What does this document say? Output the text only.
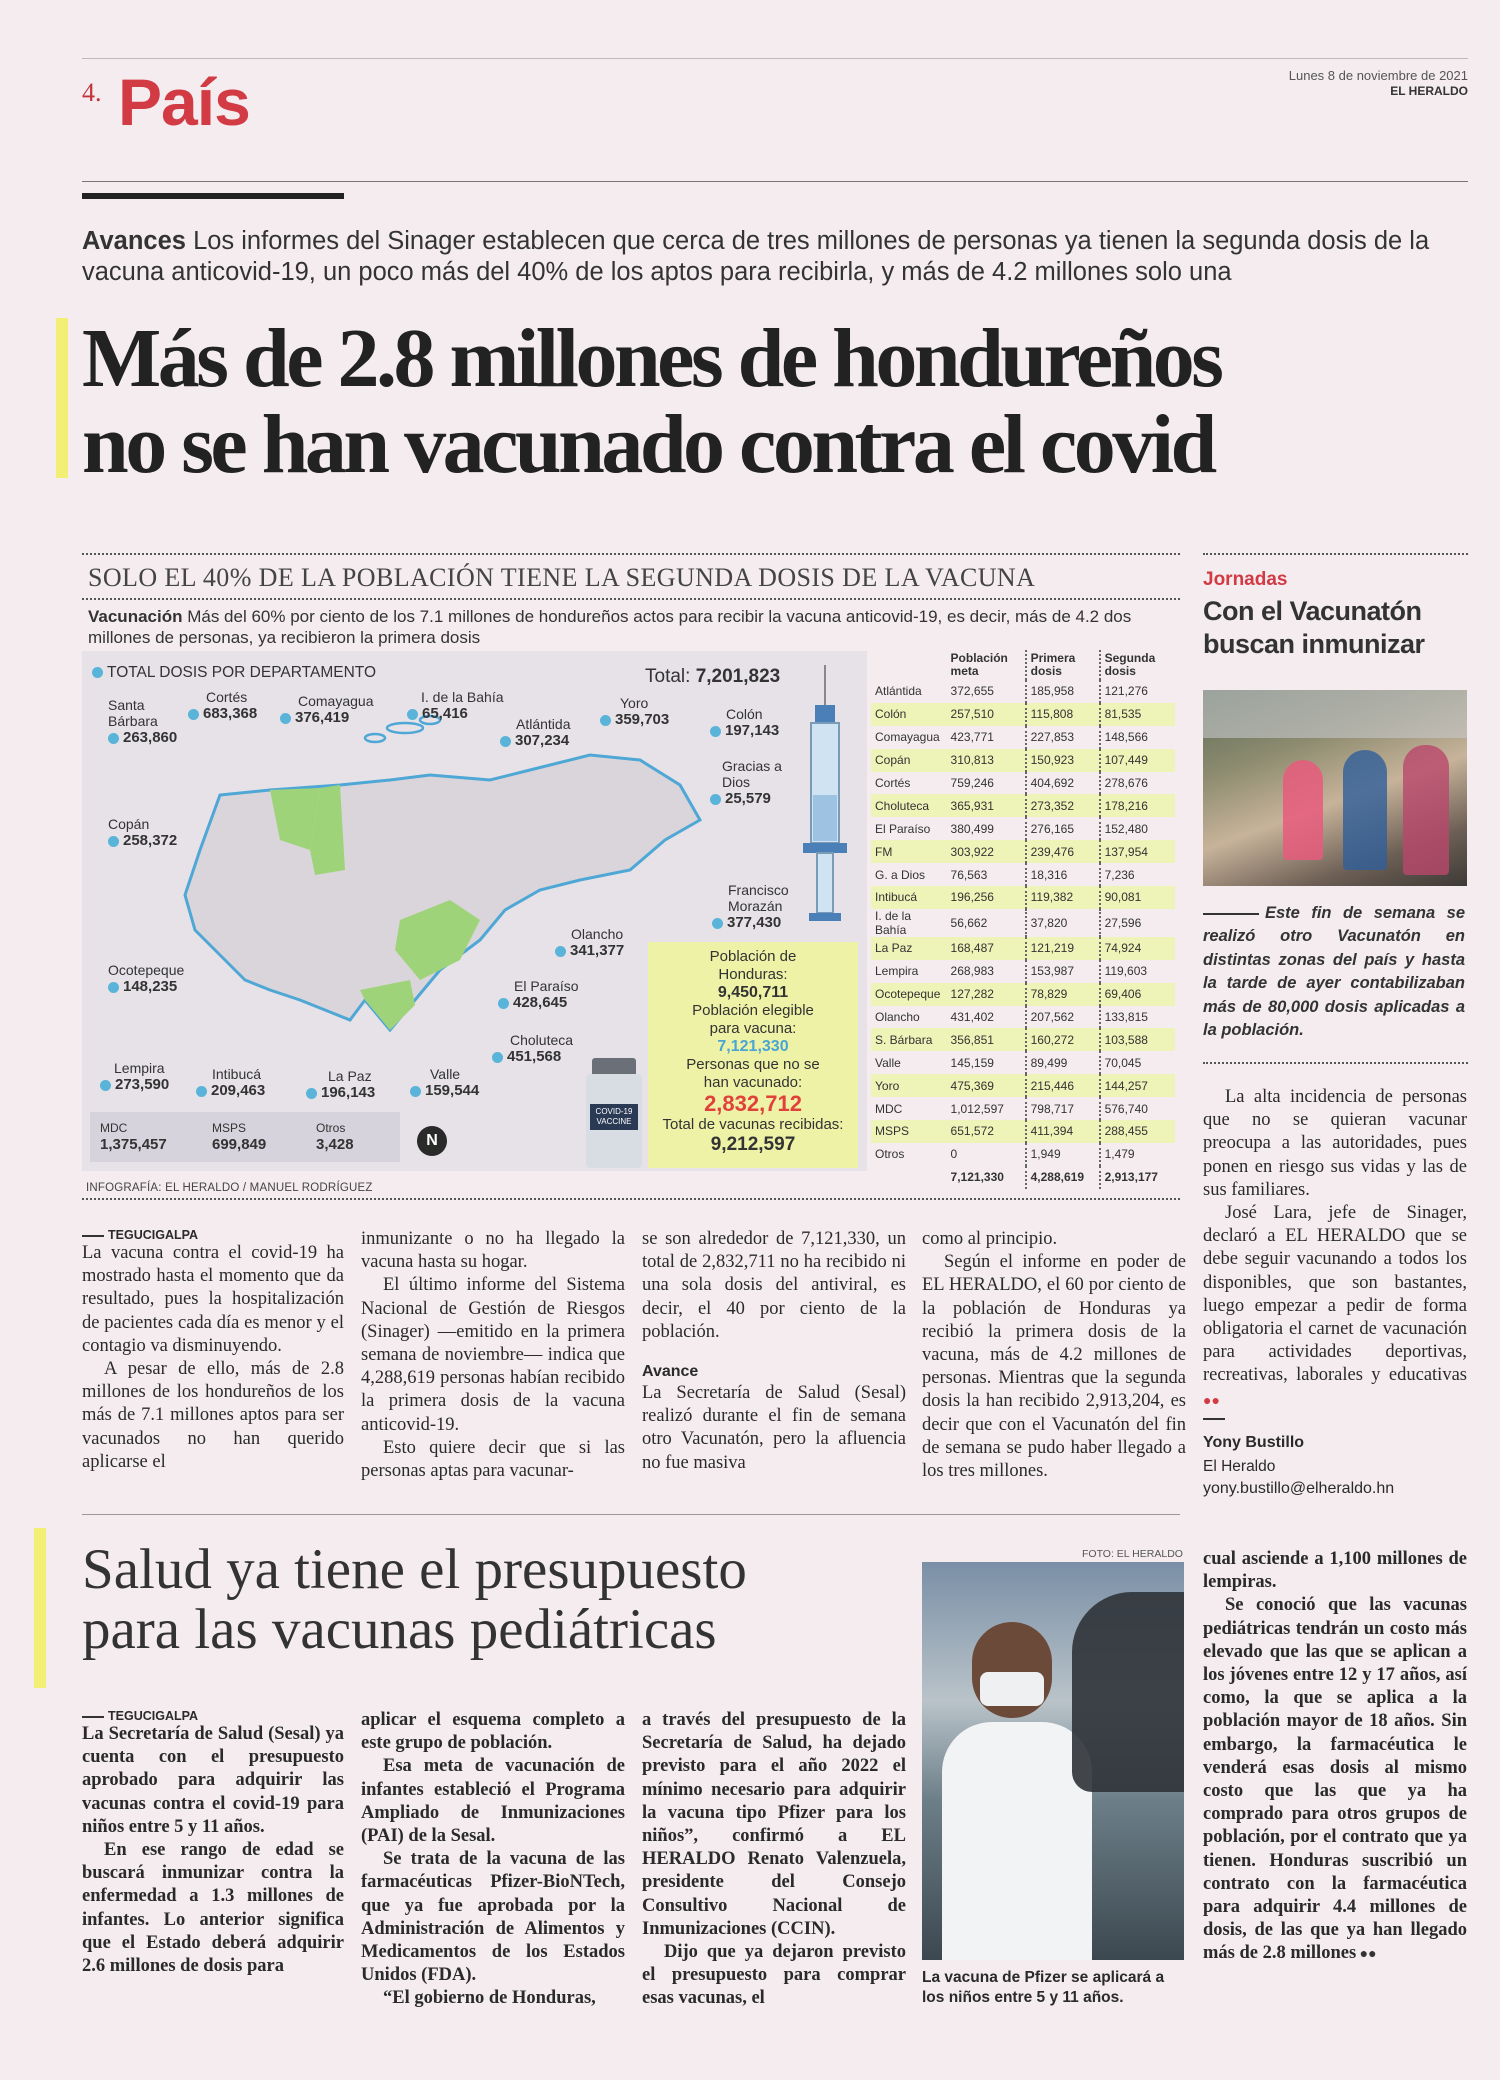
4. País	Lunes 8 de noviembre de 2021
EL HERALDO
Avances Los informes del Sinager establecen que cerca de tres millones de personas ya tienen la segunda dosis de la vacuna anticovid-19, un poco más del 40% de los aptos para recibirla, y más de 4.2 millones solo una
Más de 2.8 millones de hondureños
no se han vacunado contra el covid
SOLO EL 40% DE LA POBLACIÓN TIENE LA SEGUNDA DOSIS DE LA VACUNA
Vacunación Más del 60% por ciento de los 7.1 millones de hondureños actos para recibir la vacuna anticovid-19, es decir, más de 4.2 dos millones de personas, ya recibieron la primera dosis
TOTAL DOSIS POR DEPARTAMENTO	Total: 7,201,823
Santa Bárbara
263,860
Cortés
683,368
Comayagua
376,419
I. de la Bahía
65,416
Atlántida
307,234
Yoro
359,703	Colón
197,143
Gracias a Dios
25,579
Copán
258,372
Francisco Morazán
377,430
Olancho
341,377
Ocotepeque
148,235	El Paraíso
428,645
Choluteca
451,568
Lempira
273,590
Intibucá
209,463
La Paz
196,143
Valle
159,544
MDC
1,375,457
MSPS
699,849
Otros
3,428	N
Población de Honduras:
9,450,711
Población elegible para vacuna:
7,121,330
Personas que no se han vacunado:
2,832,712
Total de vacunas recibidas:
9,212,597
COVID-19 VACCINE
	Población meta	Primera dosis	Segunda dosis
Atlántida	372,655	185,958	121,276
Colón	257,510	115,808	81,535
Comayagua	423,771	227,853	148,566
Copán	310,813	150,923	107,449
Cortés	759,246	404,692	278,676
Choluteca	365,931	273,352	178,216
El Paraíso	380,499	276,165	152,480
FM	303,922	239,476	137,954
G. a Dios	76,563	18,316	7,236
Intibucá	196,256	119,382	90,081
I. de la Bahía	56,662	37,820	27,596
La Paz	168,487	121,219	74,924
Lempira	268,983	153,987	119,603
Ocotepeque	127,282	78,829	69,406
Olancho	431,402	207,562	133,815
S. Bárbara	356,851	160,272	103,588
Valle	145,159	89,499	70,045
Yoro	475,369	215,446	144,257
MDC	1,012,597	798,717	576,740
MSPS	651,572	411,394	288,455
Otros	0	1,949	1,479
	7,121,330	4,288,619	2,913,177
INFOGRAFÍA: EL HERALDO / MANUEL RODRÍGUEZ
Jornadas
Con el Vacunatón buscan inmunizar
Este fin de semana se realizó otro Vacunatón en distintas zonas del país y hasta la tarde de ayer contabilizaban más de 80,000 dosis aplicadas a la población.

La alta incidencia de personas que no se quieran vacunar preocupa a las autoridades, pues ponen en riesgo sus vidas y las de sus familiares.

José Lara, jefe de Sinager, declaró a EL HERALDO que se debe seguir vacunando a todos los disponibles, que son bastantes, luego empezar a pedir de forma obligatoria el carnet de vacunación para actividades deportivas, recreativas, laborales y educativas ●●

Yony Bustillo
El Heraldo
yony.bustillo@elheraldo.hn
TEGUCIGALPA

La vacuna contra el covid-19 ha mostrado hasta el momento que da resultado, pues la hospitalización de pacientes cada día es menor y el contagio va disminuyendo.

A pesar de ello, más de 2.8 millones de los hondureños de los más de 7.1 millones aptos para ser vacunados no han querido aplicarse el

inmunizante o no ha llegado la vacuna hasta su hogar.

El último informe del Sistema Nacional de Gestión de Riesgos (Sinager) —emitido en la primera semana de noviembre— indica que 4,288,619 personas habían recibido la primera dosis de la vacuna anticovid-19.

Esto quiere decir que si las personas aptas para vacunar-

se son alrededor de 7,121,330, un total de 2,832,711 no ha recibido ni una sola dosis del antiviral, es decir, el 40 por ciento de la población.

Avance

La Secretaría de Salud (Sesal) realizó durante el fin de semana otro Vacunatón, pero la afluencia no fue masiva

como al principio.

Según el informe en poder de EL HERALDO, el 60 por ciento de la población de Honduras ya recibió la primera dosis de la vacuna, más de 4.2 millones de personas. Mientras que la segunda dosis la han recibido 2,913,204, es decir que con el Vacunatón del fin de semana se pudo haber llegado a los tres millones.

Salud ya tiene el presupuesto
para las vacunas pediátricas
TEGUCIGALPA

La Secretaría de Salud (Sesal) ya cuenta con el presupuesto aprobado para adquirir las vacunas contra el covid-19 para niños entre 5 y 11 años.

En ese rango de edad se buscará inmunizar contra la enfermedad a 1.3 millones de infantes. Lo anterior significa que el Estado deberá adquirir 2.6 millones de dosis para

aplicar el esquema completo a este grupo de población.

Esa meta de vacunación de infantes estableció el Programa Ampliado de Inmunizaciones (PAI) de la Sesal.

Se trata de la vacuna de las farmacéuticas Pfizer-BioNTech, que ya fue aprobada por la Administración de Alimentos y Medicamentos de los Estados Unidos (FDA).

“El gobierno de Honduras,

a través del presupuesto de la Secretaría de Salud, ha dejado previsto para el año 2022 el mínimo necesario para adquirir la vacuna tipo Pfizer para los niños”, confirmó a EL HERALDO Renato Valenzuela, presidente del Consejo Consultivo Nacional de Inmunizaciones (CCIN).

Dijo que ya dejaron previsto el presupuesto para comprar esas vacunas, el

FOTO: EL HERALDO
La vacuna de Pfizer se aplicará a los niños entre 5 y 11 años.

cual asciende a 1,100 millones de lempiras.

Se conoció que las vacunas pediátricas tendrán un costo más elevado que las que se aplican a los jóvenes entre 12 y 17 años, así como, la que se aplica a la población mayor de 18 años. Sin embargo, la farmacéutica le venderá esas dosis al mismo costo que las que ya ha comprado para otros grupos de población, por el contrato que ya tienen. Honduras suscribió un contrato con la farmacéutica para adquirir 4.4 millones de dosis, de las que ya han llegado más de 2.8 millones ●●
